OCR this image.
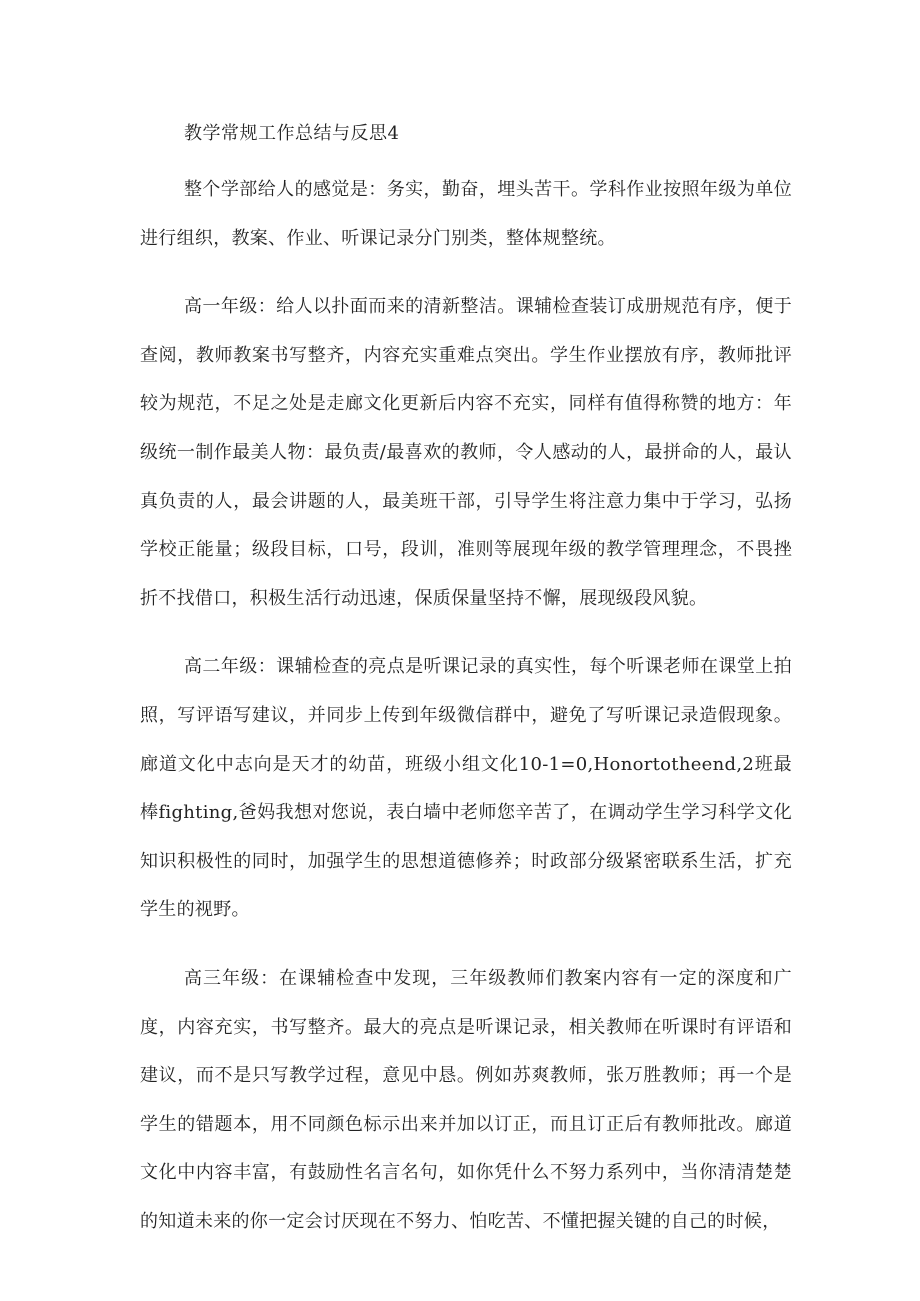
教学常规工作总结与反思4

整个学部给人的感觉是：务实，勤奋，埋头苦干。学科作业按照年级为单位进行组织，教案、作业、听课记录分门别类，整体规整统。

高一年级：给人以扑面而来的清新整洁。课辅检查装订成册规范有序，便于查阅，教师教案书写整齐，内容充实重难点突出。学生作业摆放有序，教师批评较为规范，不足之处是走廊文化更新后内容不充实，同样有值得称赞的地方：年级统一制作最美人物：最负责/最喜欢的教师，令人感动的人，最拼命的人，最认真负责的人，最会讲题的人，最美班干部，引导学生将注意力集中于学习，弘扬学校正能量；级段目标，口号，段训，准则等展现年级的教学管理理念，不畏挫折不找借口，积极生活行动迅速，保质保量坚持不懈，展现级段风貌。

高二年级：课辅检查的亮点是听课记录的真实性，每个听课老师在课堂上拍照，写评语写建议，并同步上传到年级微信群中，避免了写听课记录造假现象。廊道文化中志向是天才的幼苗，班级小组文化10-1=0,Honortotheend,2班最棒fighting,爸妈我想对您说，表白墙中老师您辛苦了，在调动学生学习科学文化知识积极性的同时，加强学生的思想道德修养；时政部分级紧密联系生活，扩充学生的视野。

高三年级：在课辅检查中发现，三年级教师们教案内容有一定的深度和广度，内容充实，书写整齐。最大的亮点是听课记录，相关教师在听课时有评语和建议，而不是只写教学过程，意见中恳。例如苏爽教师，张万胜教师；再一个是学生的错题本，用不同颜色标示出来并加以订正，而且订正后有教师批改。廊道文化中内容丰富，有鼓励性名言名句，如你凭什么不努力系列中，当你清清楚楚的知道未来的你一定会讨厌现在不努力、怕吃苦、不懂把握关键的自己的时候，
